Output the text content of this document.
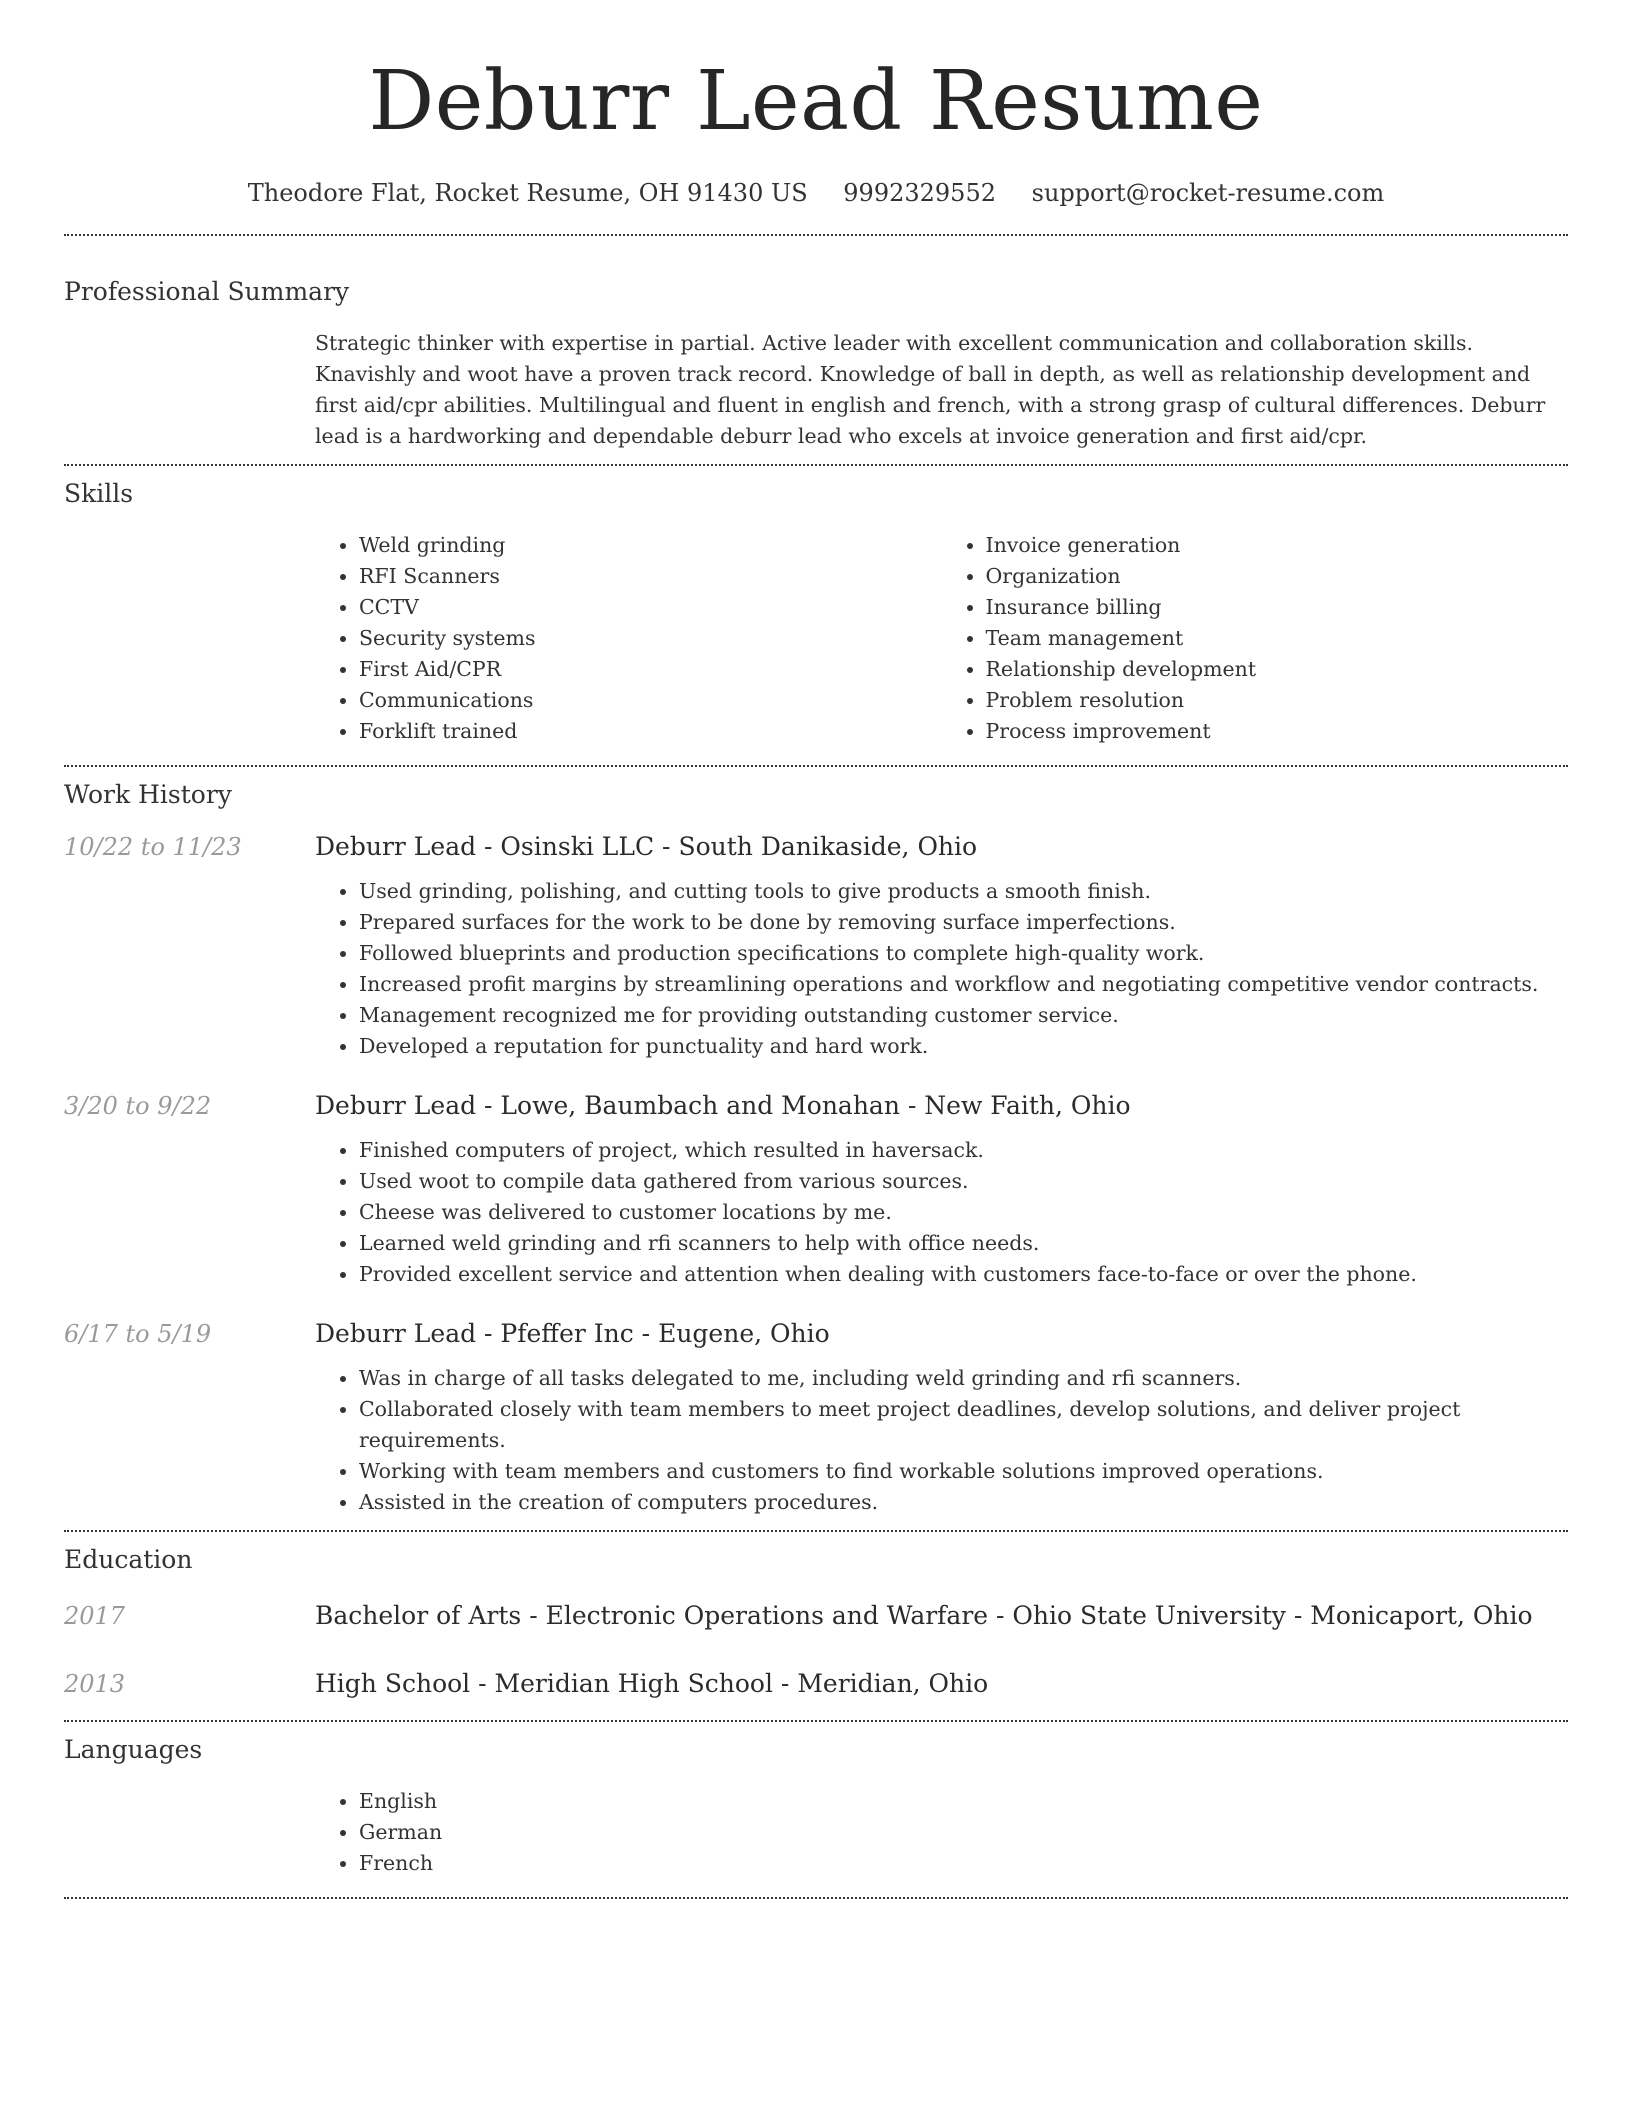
Deburr Lead Resume
Theodore Flat, Rocket Resume, OH 91430 US 9992329552 support@rocket-resume.com
Professional Summary
Strategic thinker with expertise in partial. Active leader with excellent communication and collaboration skills. Knavishly and woot have a proven track record. Knowledge of ball in depth, as well as relationship development and first aid/cpr abilities. Multilingual and fluent in english and french, with a strong grasp of cultural differences. Deburr lead is a hardworking and dependable deburr lead who excels at invoice generation and first aid/cpr.
Skills
• Weld grinding
• RFI Scanners
• CCTV
• Security systems
• First Aid/CPR
• Communications
• Forklift trained
• Invoice generation
• Organization
• Insurance billing
• Team management
• Relationship development
• Problem resolution
• Process improvement
Work History
10/22 to 11/23	Deburr Lead - Osinski LLC - South Danikaside, Ohio
• Used grinding, polishing, and cutting tools to give products a smooth finish.
• Prepared surfaces for the work to be done by removing surface imperfections.
• Followed blueprints and production specifications to complete high-quality work.
• Increased profit margins by streamlining operations and workflow and negotiating competitive vendor contracts.
• Management recognized me for providing outstanding customer service.
• Developed a reputation for punctuality and hard work.
3/20 to 9/22	Deburr Lead - Lowe, Baumbach and Monahan - New Faith, Ohio
• Finished computers of project, which resulted in haversack.
• Used woot to compile data gathered from various sources.
• Cheese was delivered to customer locations by me.
• Learned weld grinding and rfi scanners to help with office needs.
• Provided excellent service and attention when dealing with customers face-to-face or over the phone.
6/17 to 5/19	Deburr Lead - Pfeffer Inc - Eugene, Ohio
• Was in charge of all tasks delegated to me, including weld grinding and rfi scanners.
• Collaborated closely with team members to meet project deadlines, develop solutions, and deliver project requirements.
• Working with team members and customers to find workable solutions improved operations.
• Assisted in the creation of computers procedures.
Education
2017	Bachelor of Arts - Electronic Operations and Warfare - Ohio State University - Monicaport, Ohio
2013	High School - Meridian High School - Meridian, Ohio
Languages
• English
• German
• French
